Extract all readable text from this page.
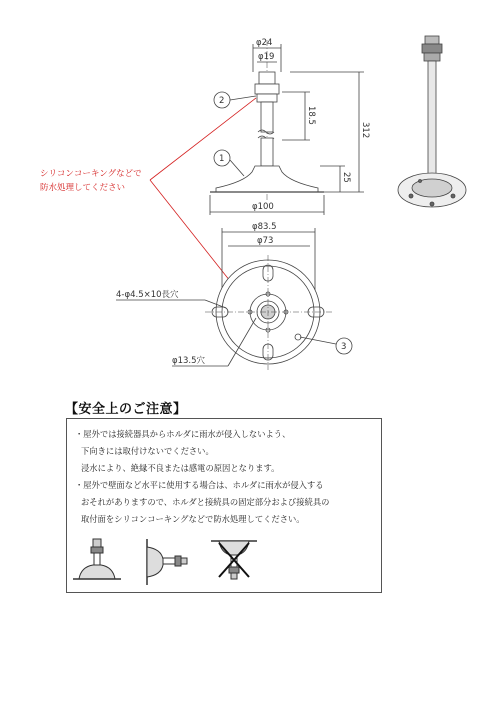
φ24
φ19
18.5
312
25
φ100
φ83.5
φ73
4-φ4.5×10長穴
φ13.5穴
2
1
3
シリコンコーキングなどで
防水処理してください
【安全上のご注意】
・屋外では接続器具からホルダに雨水が侵入しないよう、
下向きには取付けないでください。
浸水により、絶縁不良または感電の原因となります。
・屋外で壁面など水平に使用する場合は、ホルダに雨水が侵入する
おそれがありますので、ホルダと接続具の固定部分および接続具の
取付面をシリコンコーキングなどで防水処理してください。
